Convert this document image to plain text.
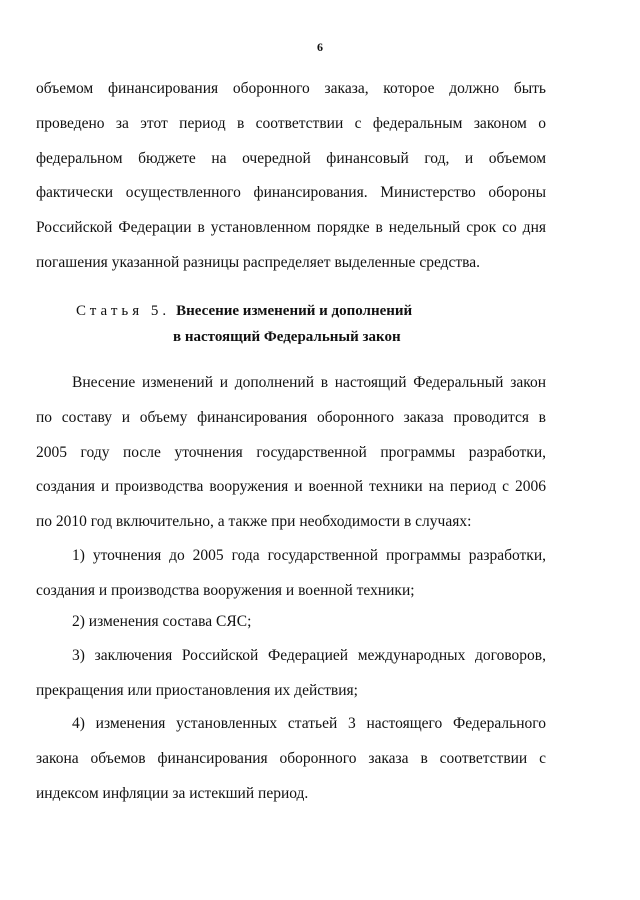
6

объемом финансирования оборонного заказа, которое должно быть
проведено за этот период в соответствии с федеральным законом о
федеральном бюджете на очередной финансовый год, и объемом
фактически осуществленного финансирования. Министерство обороны
Российской Федерации в установленном порядке в недельный срок со дня
погашения указанной разницы распределяет выделенные средства.

Статья 5. Внесение изменений и дополнений
в настоящий Федеральный закон

Внесение изменений и дополнений в настоящий Федеральный закон
по составу и объему финансирования оборонного заказа проводится в
2005 году после уточнения государственной программы разработки,
создания и производства вооружения и военной техники на период с 2006
по 2010 год включительно, а также при необходимости в случаях:

1) уточнения до 2005 года государственной программы разработки,
создания и производства вооружения и военной техники;

2) изменения состава СЯС;

3) заключения Российской Федерацией международных договоров,
прекращения или приостановления их действия;

4) изменения установленных статьей 3 настоящего Федерального
закона объемов финансирования оборонного заказа в соответствии с
индексом инфляции за истекший период.
